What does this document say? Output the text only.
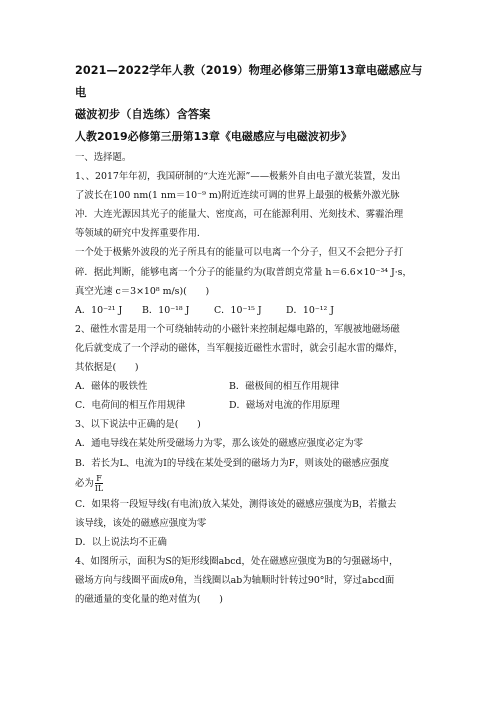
2021—2022学年人教（2019）物理必修第三册第13章电磁感应与电

磁波初步（自选练）含答案

人教2019必修第三册第13章《电磁感应与电磁波初步》

一、选择题。

1、、2017年年初，我国研制的“大连光源”——极紫外自由电子激光装置，发出

了波长在100 nm(1 nm＝10⁻⁹ m)附近连续可调的世界上最强的极紫外激光脉

冲．大连光源因其光子的能量大、密度高，可在能源利用、光刻技术、雾霾治理

等领域的研究中发挥重要作用．

一个处于极紫外波段的光子所具有的能量可以电离一个分子，但又不会把分子打

碎．据此判断，能够电离一个分子的能量约为(取普朗克常量 h＝6.6×10⁻³⁴ J·s，

真空光速 c＝3×10⁸ m/s)(　　)

A．10⁻²¹ J	B．10⁻¹⁸ J	C．10⁻¹⁵ J	D．10⁻¹² J

2、磁性水雷是用一个可绕轴转动的小磁针来控制起爆电路的，军舰被地磁场磁

化后就变成了一个浮动的磁体，当军舰接近磁性水雷时，就会引起水雷的爆炸，

其依据是(　　)

A．磁体的吸铁性	B．磁极间的相互作用规律
C．电荷间的相互作用规律	D．磁场对电流的作用原理

3、以下说法中正确的是(　　)

A．通电导线在某处所受磁场力为零，那么该处的磁感应强度必定为零

B．若长为L、电流为I的导线在某处受到的磁场力为F，则该处的磁感应强度

必为 $\frac{F}{IL}$

C．如果将一段短导线(有电流)放入某处，测得该处的磁感应强度为B，若撤去

该导线，该处的磁感应强度为零

D．以上说法均不正确

4、如图所示，面积为S的矩形线圈abcd，处在磁感应强度为B的匀强磁场中，

磁场方向与线圈平面成θ角，当线圈以ab为轴顺时针转过90°时，穿过abcd面

的磁通量的变化量的绝对值为(　　)
